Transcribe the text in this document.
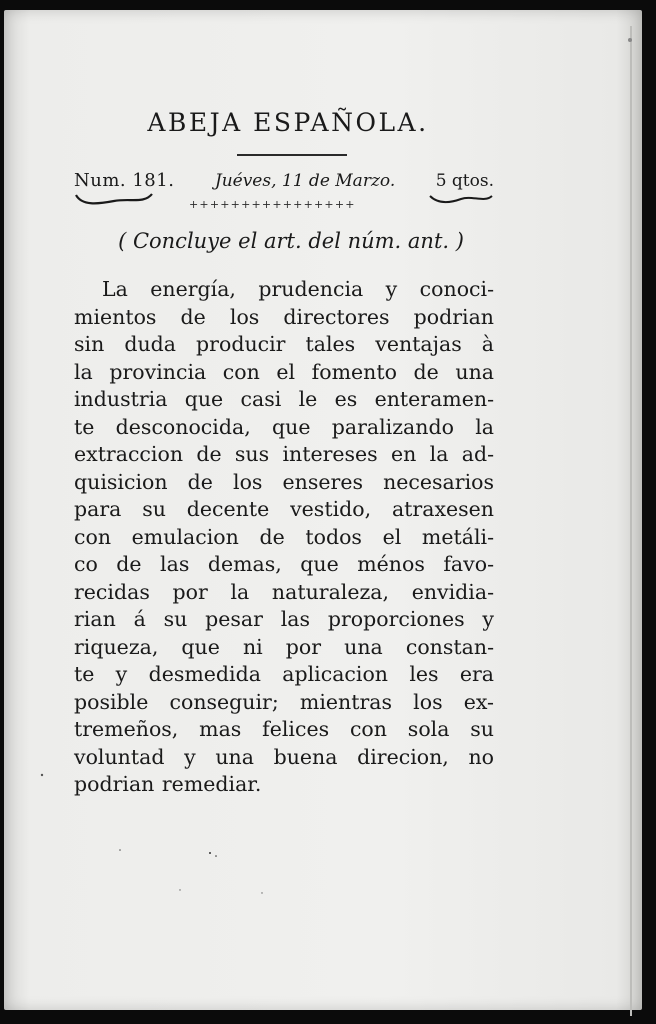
ABEJA ESPAÑOLA.
Num. 181. Juéves, 11 de Marzo. 5 qtos.
++++++++++++++++
( Concluye el art. del núm. ant. )
La energía, prudencia y conoci-
mientos de los directores podrian
sin duda producir tales ventajas à
la provincia con el fomento de una
industria que casi le es enteramen-
te desconocida, que paralizando la
extraccion de sus intereses en la ad-
quisicion de los enseres necesarios
para su decente vestido, atraxesen
con emulacion de todos el metáli-
co de las demas, que ménos favo-
recidas por la naturaleza, envidia-
rian á su pesar las proporciones y
riqueza, que ni por una constan-
te y desmedida aplicacion les era
posible conseguir; mientras los ex-
tremeños, mas felices con sola su
voluntad y una buena direcion, no
podrian remediar.
